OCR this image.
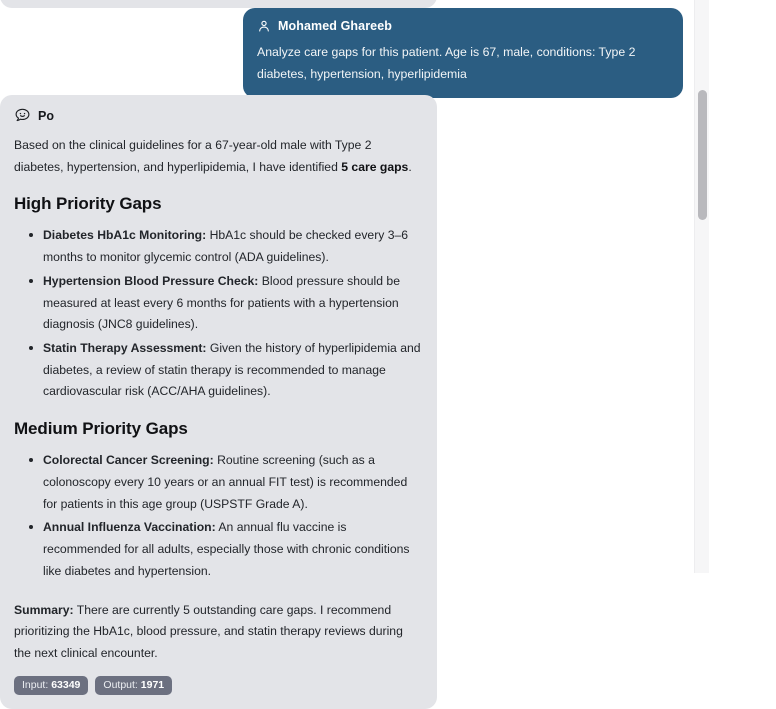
Mohamed Ghareeb
Analyze care gaps for this patient. Age is 67, male, conditions: Type 2 diabetes, hypertension, hyperlipidemia
Po

Based on the clinical guidelines for a 67-year-old male with Type 2 diabetes, hypertension, and hyperlipidemia, I have identified 5 care gaps.

High Priority Gaps
Diabetes HbA1c Monitoring: HbA1c should be checked every 3–6 months to monitor glycemic control (ADA guidelines).
Hypertension Blood Pressure Check: Blood pressure should be measured at least every 6 months for patients with a hypertension diagnosis (JNC8 guidelines).
Statin Therapy Assessment: Given the history of hyperlipidemia and diabetes, a review of statin therapy is recommended to manage cardiovascular risk (ACC/AHA guidelines).
Medium Priority Gaps
Colorectal Cancer Screening: Routine screening (such as a colonoscopy every 10 years or an annual FIT test) is recommended for patients in this age group (USPSTF Grade A).
Annual Influenza Vaccination: An annual flu vaccine is recommended for all adults, especially those with chronic conditions like diabetes and hypertension.

Summary: There are currently 5 outstanding care gaps. I recommend prioritizing the HbA1c, blood pressure, and statin therapy reviews during the next clinical encounter.

Input: 63349	Output: 1971
